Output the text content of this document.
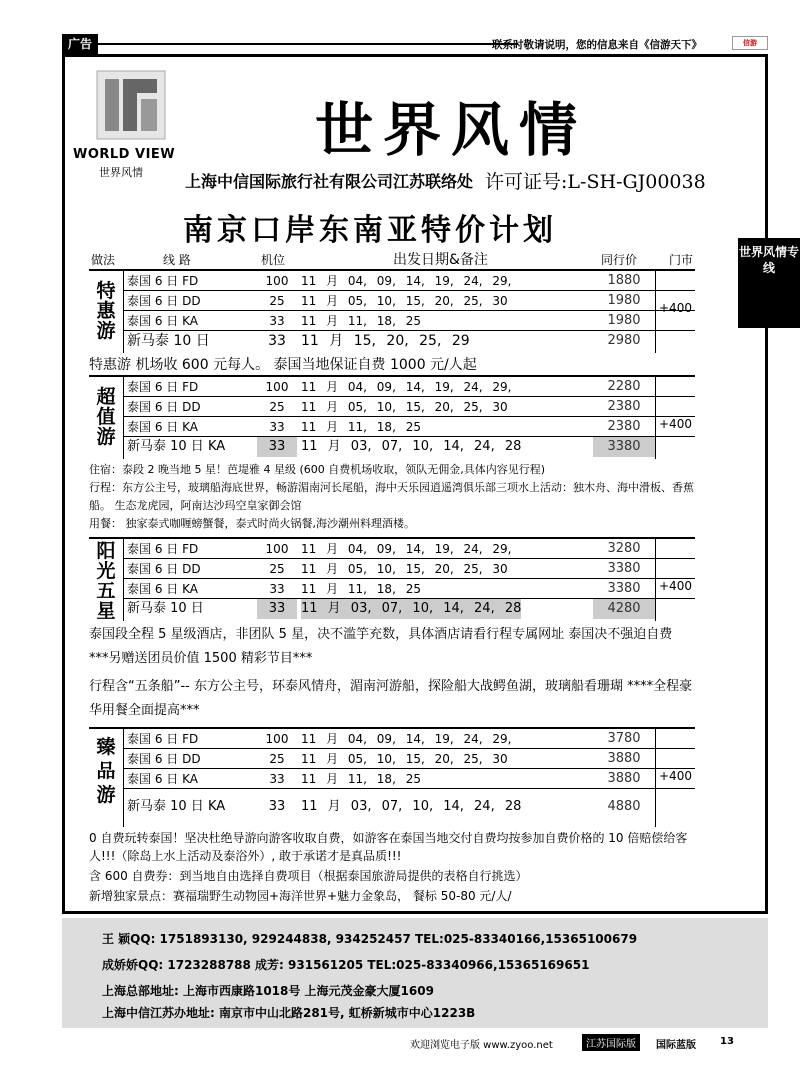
广告	联系时敬请说明，您的信息来自《信游天下》	信游
WORLD VIEW
世界风情
世界风情
上海中信国际旅行社有限公司江苏联络处 许可证号:L-SH-GJ00038
南京口岸东南亚特价计划
做法	线 路	机位	出发日期&备注	同行价	门市
特惠游
泰国 6 日 FD	100	11 月 04, 09, 14, 19, 24, 29,	1880
泰国 6 日 DD	25	11 月 05, 10, 15, 20, 25, 30	1980
泰国 6 日 KA	33	11 月 11, 18, 25	1980
新马泰 10 日	33	11 月 15, 20, 25, 29	2980
+400
特惠游 机场收 600 元每人。 泰国当地保证自费 1000 元/人起
超值游
泰国 6 日 FD	100	11 月 04, 09, 14, 19, 24, 29,	2280
泰国 6 日 DD	25	11 月 05, 10, 15, 20, 25, 30	2380
泰国 6 日 KA	33	11 月 11, 18, 25	2380
新马泰 10 日 KA	33	11 月 03, 07, 10, 14, 24, 28	3380
+400
住宿：泰段 2 晚当地 5 星！芭堤雅 4 星级 (600 自费机场收取，领队无佣金,具体内容见行程)
行程：东方公主号，玻璃船海底世界，畅游湄南河长尾船，海中天乐园逍遥湾俱乐部三项水上活动：独木舟、海中滑板、香蕉船。 生态龙虎园，阿南达沙玛空皇家御会馆
用餐： 独家泰式咖喱螃蟹餐，泰式时尚火锅餐,海沙潮州料理酒楼。
阳光五星
泰国 6 日 FD	100	11 月 04, 09, 14, 19, 24, 29,	3280
泰国 6 日 DD	25	11 月 05, 10, 15, 20, 25, 30	3380
泰国 6 日 KA	33	11 月 11, 18, 25	3380
新马泰 10 日	33	11 月 03, 07, 10, 14, 24, 28	4280
+400
泰国段全程 5 星级酒店，非团队 5 星，决不滥竽充数，具体酒店请看行程专属网址 泰国决不强迫自费 ***另赠送团员价值 1500 精彩节目***
行程含“五条船”-- 东方公主号，环泰风情舟，湄南河游船，探险船大战鳄鱼湖，玻璃船看珊瑚 ****全程豪华用餐全面提高***
臻品游
泰国 6 日 FD	100	11 月 04, 09, 14, 19, 24, 29,	3780
泰国 6 日 DD	25	11 月 05, 10, 15, 20, 25, 30	3880
泰国 6 日 KA	33	11 月 11, 18, 25	3880
新马泰 10 日 KA	33	11 月 03, 07, 10, 14, 24, 28	4880
+400
0 自费玩转泰国！坚决杜绝导游向游客收取自费，如游客在泰国当地交付自费均按参加自费价格的 10 倍赔偿给客人!!!（除岛上水上活动及泰浴外）, 敢于承诺才是真品质!!!
含 600 自费券：到当地自由选择自费项目（根据泰国旅游局提供的表格自行挑选）
新增独家景点：赛福瑞野生动物园+海洋世界+魅力金象岛， 餐标 50-80 元/人/
世界风情专线
王 颖QQ: 1751893130, 929244838, 934252457 TEL:025-83340166,15365100679
成娇娇QQ: 1723288788 成芳: 931561205 TEL:025-83340966,15365169651
上海总部地址: 上海市西康路1018号 上海元茂金豪大厦1609
上海中信江苏办地址: 南京市中山北路281号, 虹桥新城市中心1223B
欢迎浏览电子版 www.zyoo.net	江苏国际版	国际蓝版 13
